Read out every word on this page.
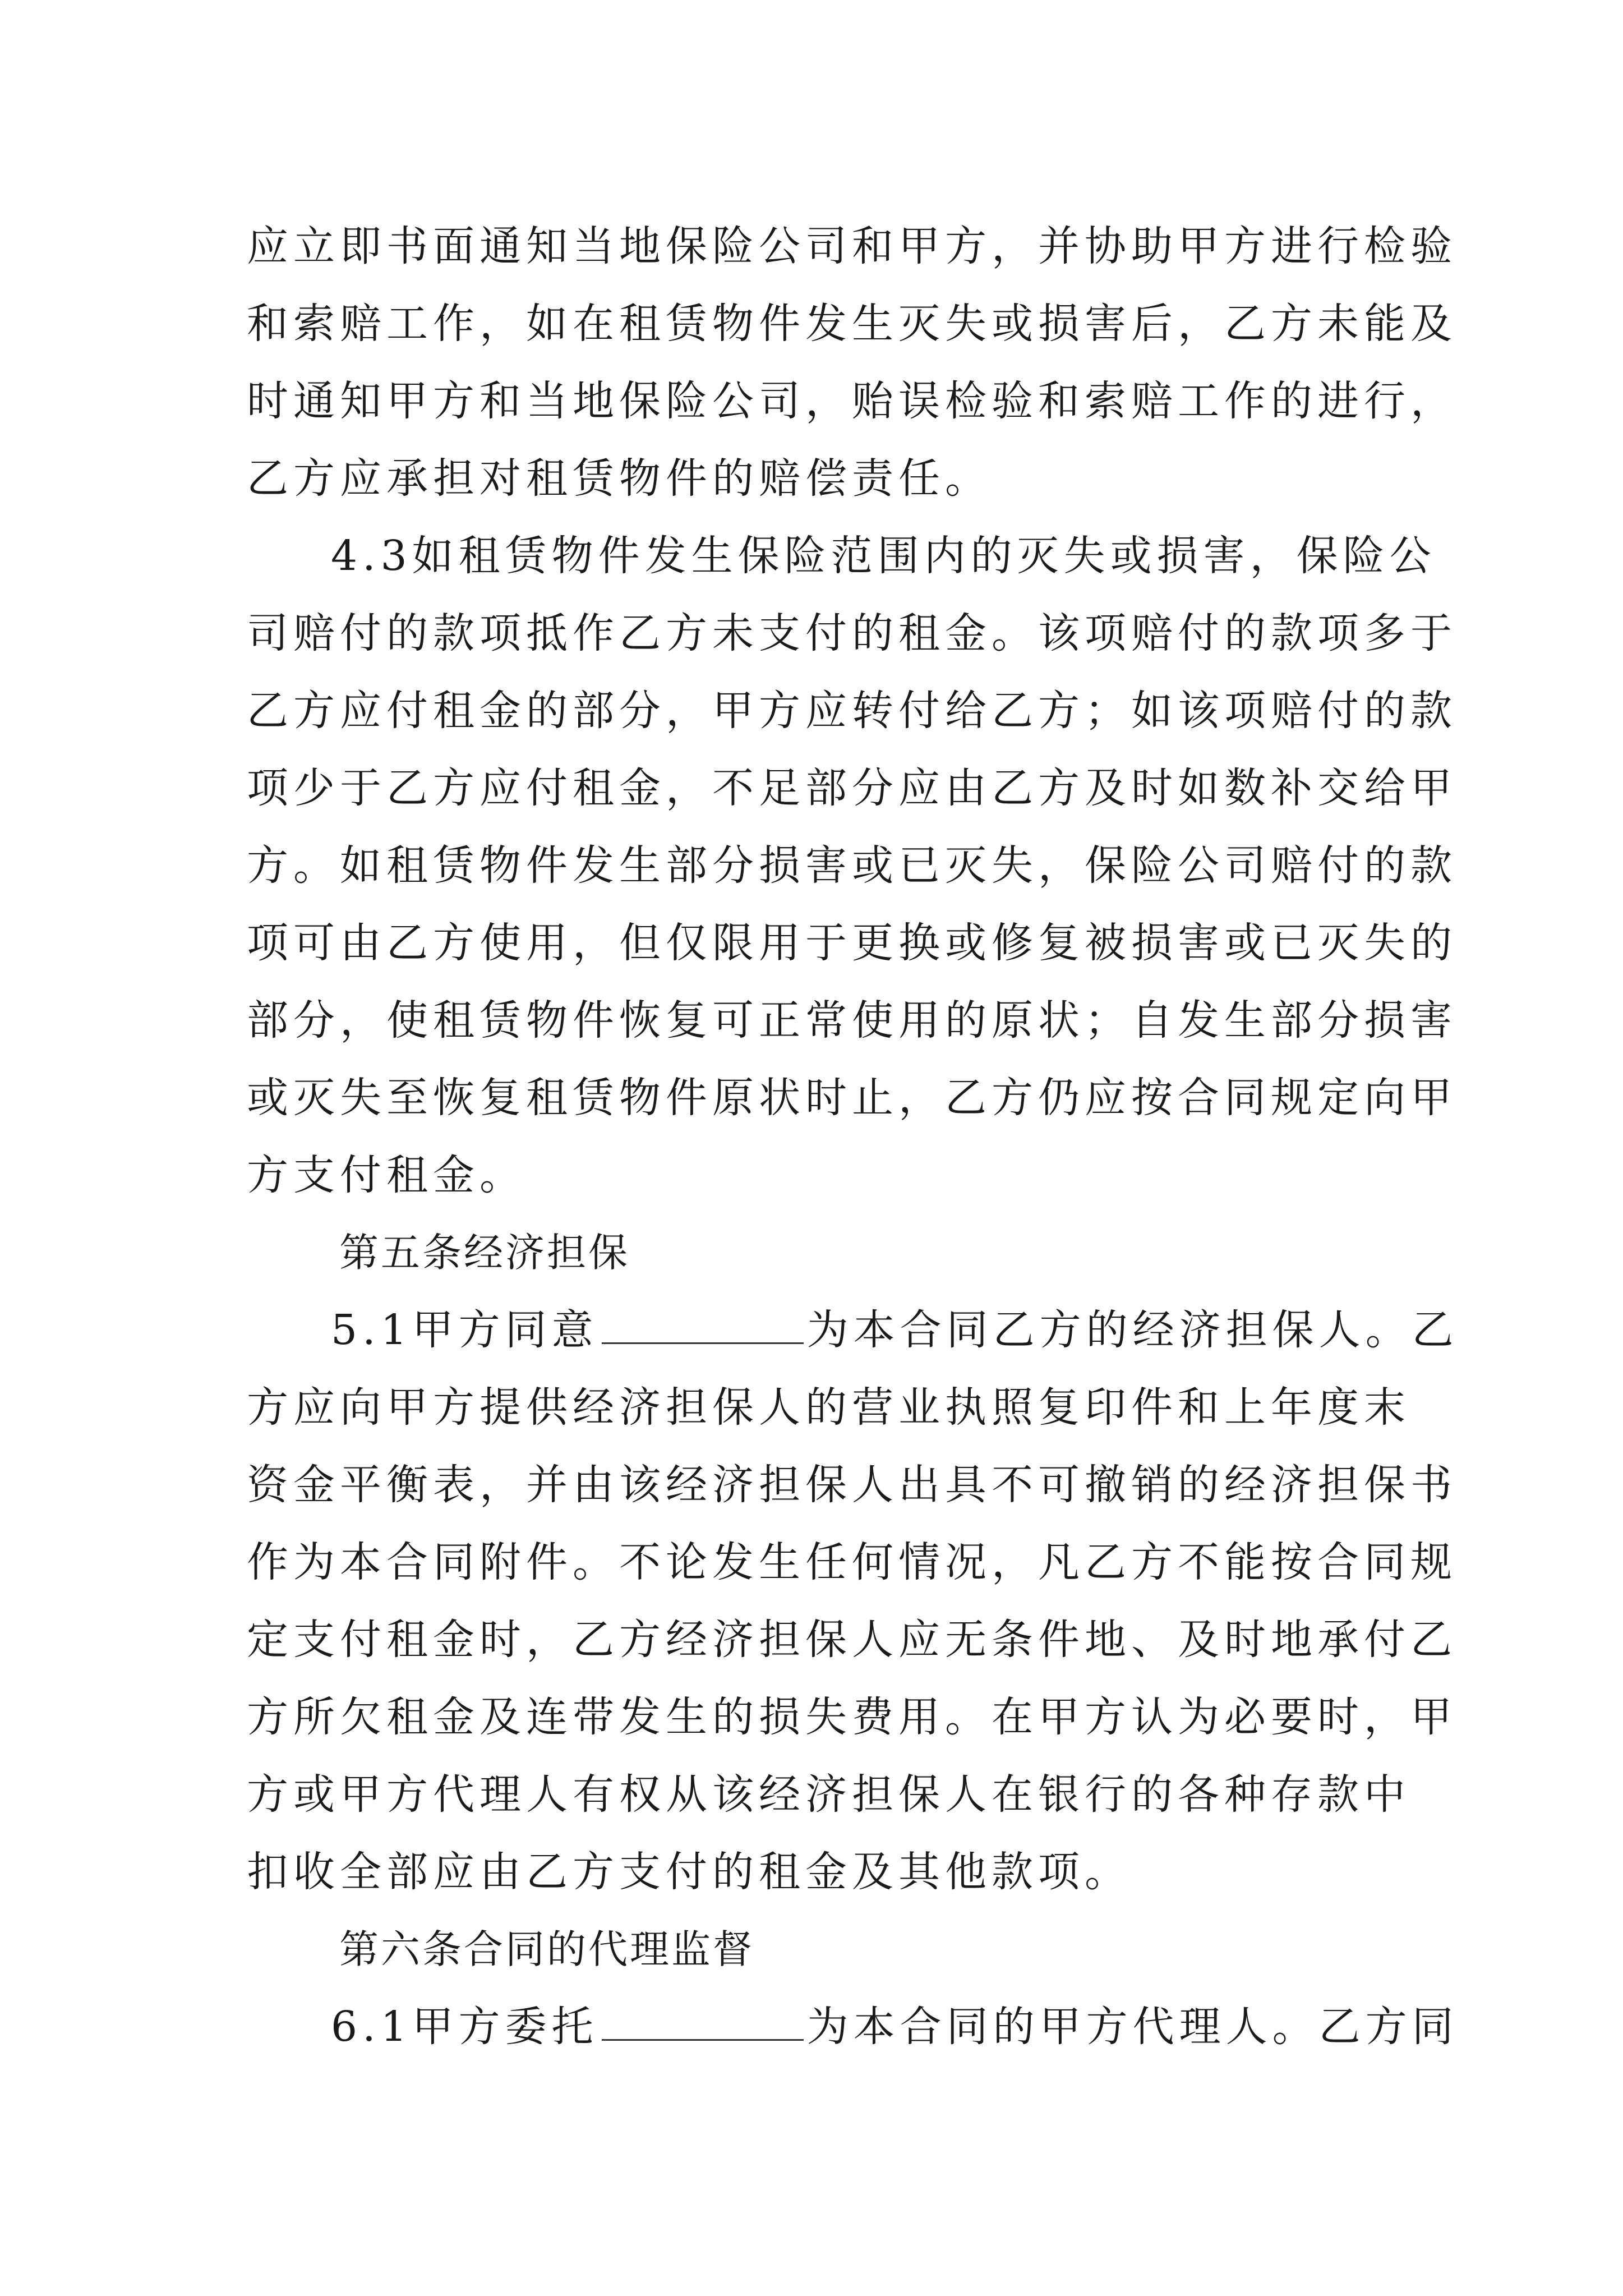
应立即书面通知当地保险公司和甲方，并协助甲方进行检验
和索赔工作，如在租赁物件发生灭失或损害后，乙方未能及
时通知甲方和当地保险公司，贻误检验和索赔工作的进行，
乙方应承担对租赁物件的赔偿责任。
4.3如租赁物件发生保险范围内的灭失或损害，保险公
司赔付的款项抵作乙方未支付的租金。该项赔付的款项多于
乙方应付租金的部分，甲方应转付给乙方；如该项赔付的款
项少于乙方应付租金，不足部分应由乙方及时如数补交给甲
方。如租赁物件发生部分损害或已灭失，保险公司赔付的款
项可由乙方使用，但仅限用于更换或修复被损害或已灭失的
部分，使租赁物件恢复可正常使用的原状；自发生部分损害
或灭失至恢复租赁物件原状时止，乙方仍应按合同规定向甲
方支付租金。
第五条经济担保
5.1甲方同意	为本合同乙方的经济担保人。乙
方应向甲方提供经济担保人的营业执照复印件和上年度末
资金平衡表，并由该经济担保人出具不可撤销的经济担保书
作为本合同附件。不论发生任何情况，凡乙方不能按合同规
定支付租金时，乙方经济担保人应无条件地、及时地承付乙
方所欠租金及连带发生的损失费用。在甲方认为必要时，甲
方或甲方代理人有权从该经济担保人在银行的各种存款中
扣收全部应由乙方支付的租金及其他款项。
第六条合同的代理监督
6.1甲方委托	为本合同的甲方代理人。乙方同
